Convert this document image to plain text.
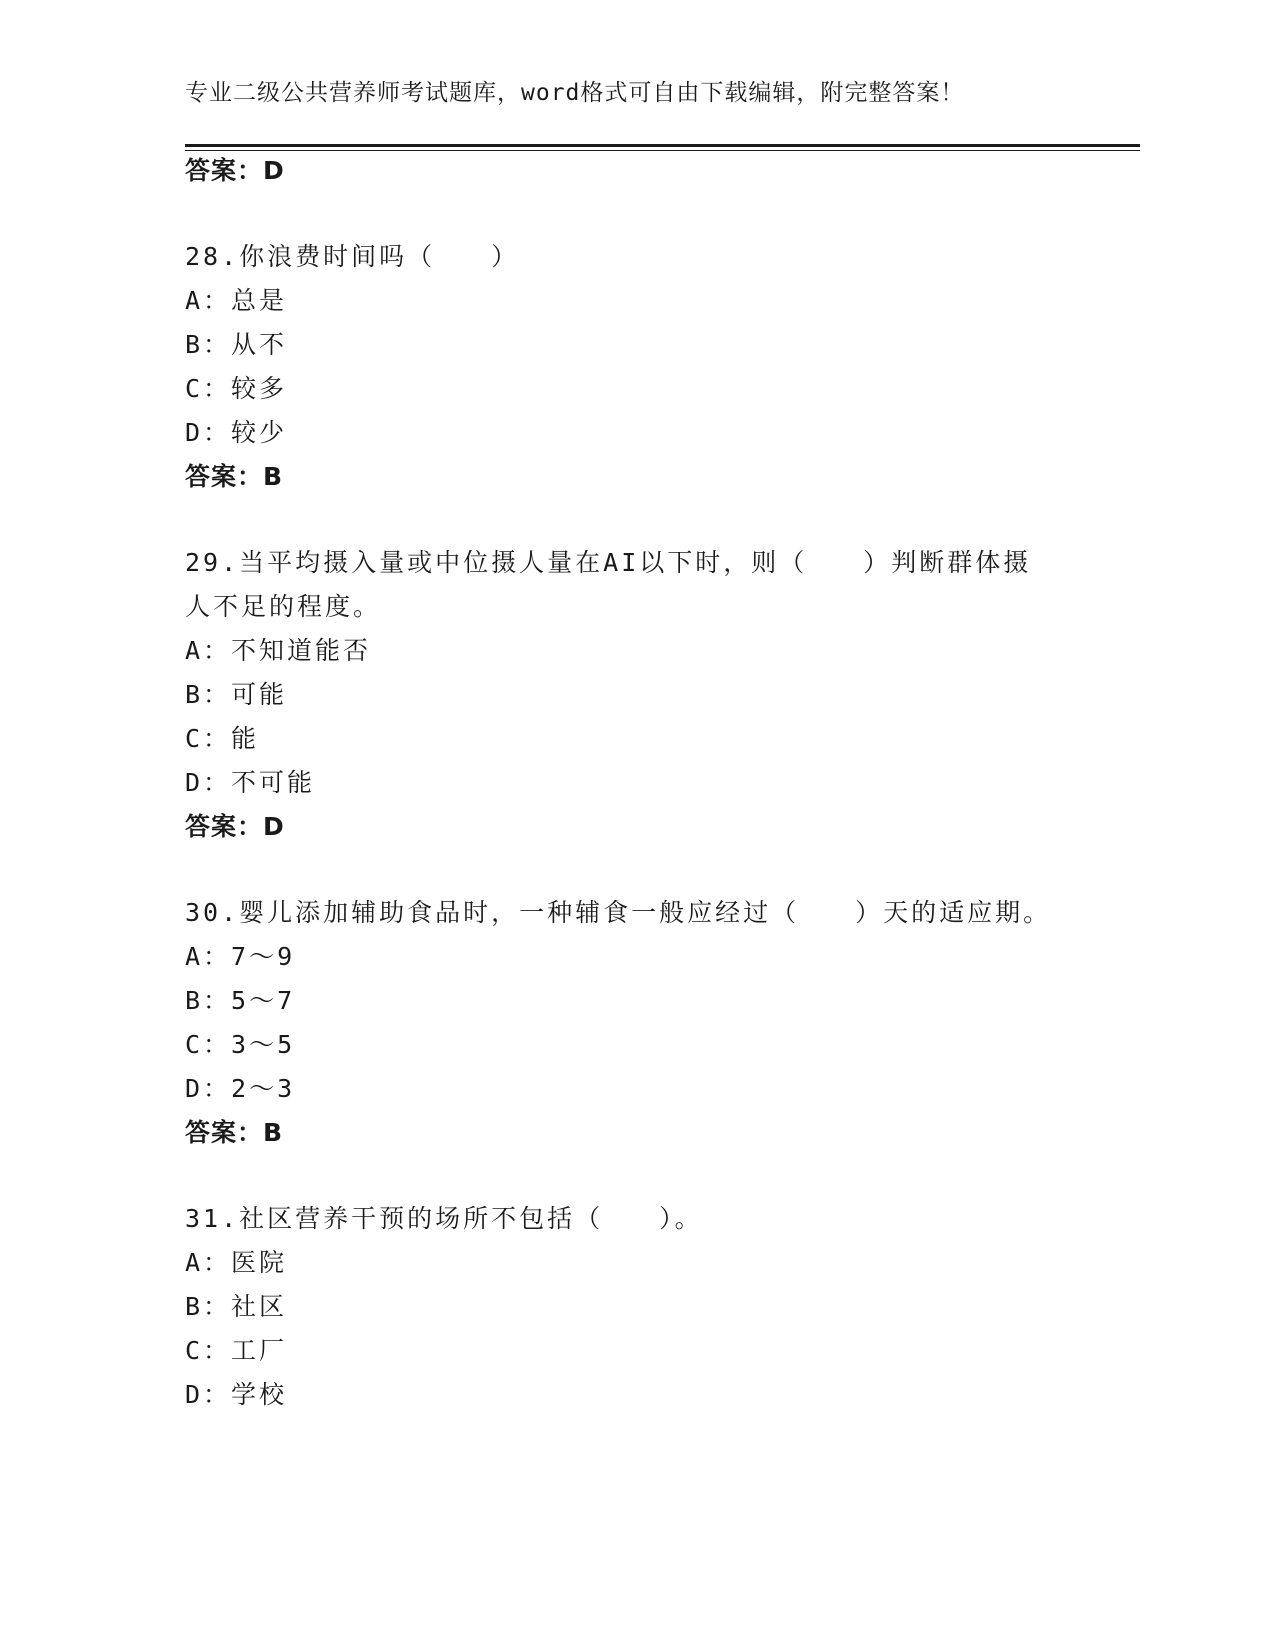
专业二级公共营养师考试题库，word格式可自由下载编辑，附完整答案！
答案：D
28.你浪费时间吗（　　）
A：总是
B：从不
C：较多
D：较少
答案：B
29.当平均摄入量或中位摄人量在AI以下时，则（　　）判断群体摄
人不足的程度。
A：不知道能否
B：可能
C：能
D：不可能
答案：D
30.婴儿添加辅助食品时，一种辅食一般应经过（　　）天的适应期。
A：7～9
B：5～7
C：3～5
D：2～3
答案：B
31.社区营养干预的场所不包括（　　）。
A：医院
B：社区
C：工厂
D：学校
